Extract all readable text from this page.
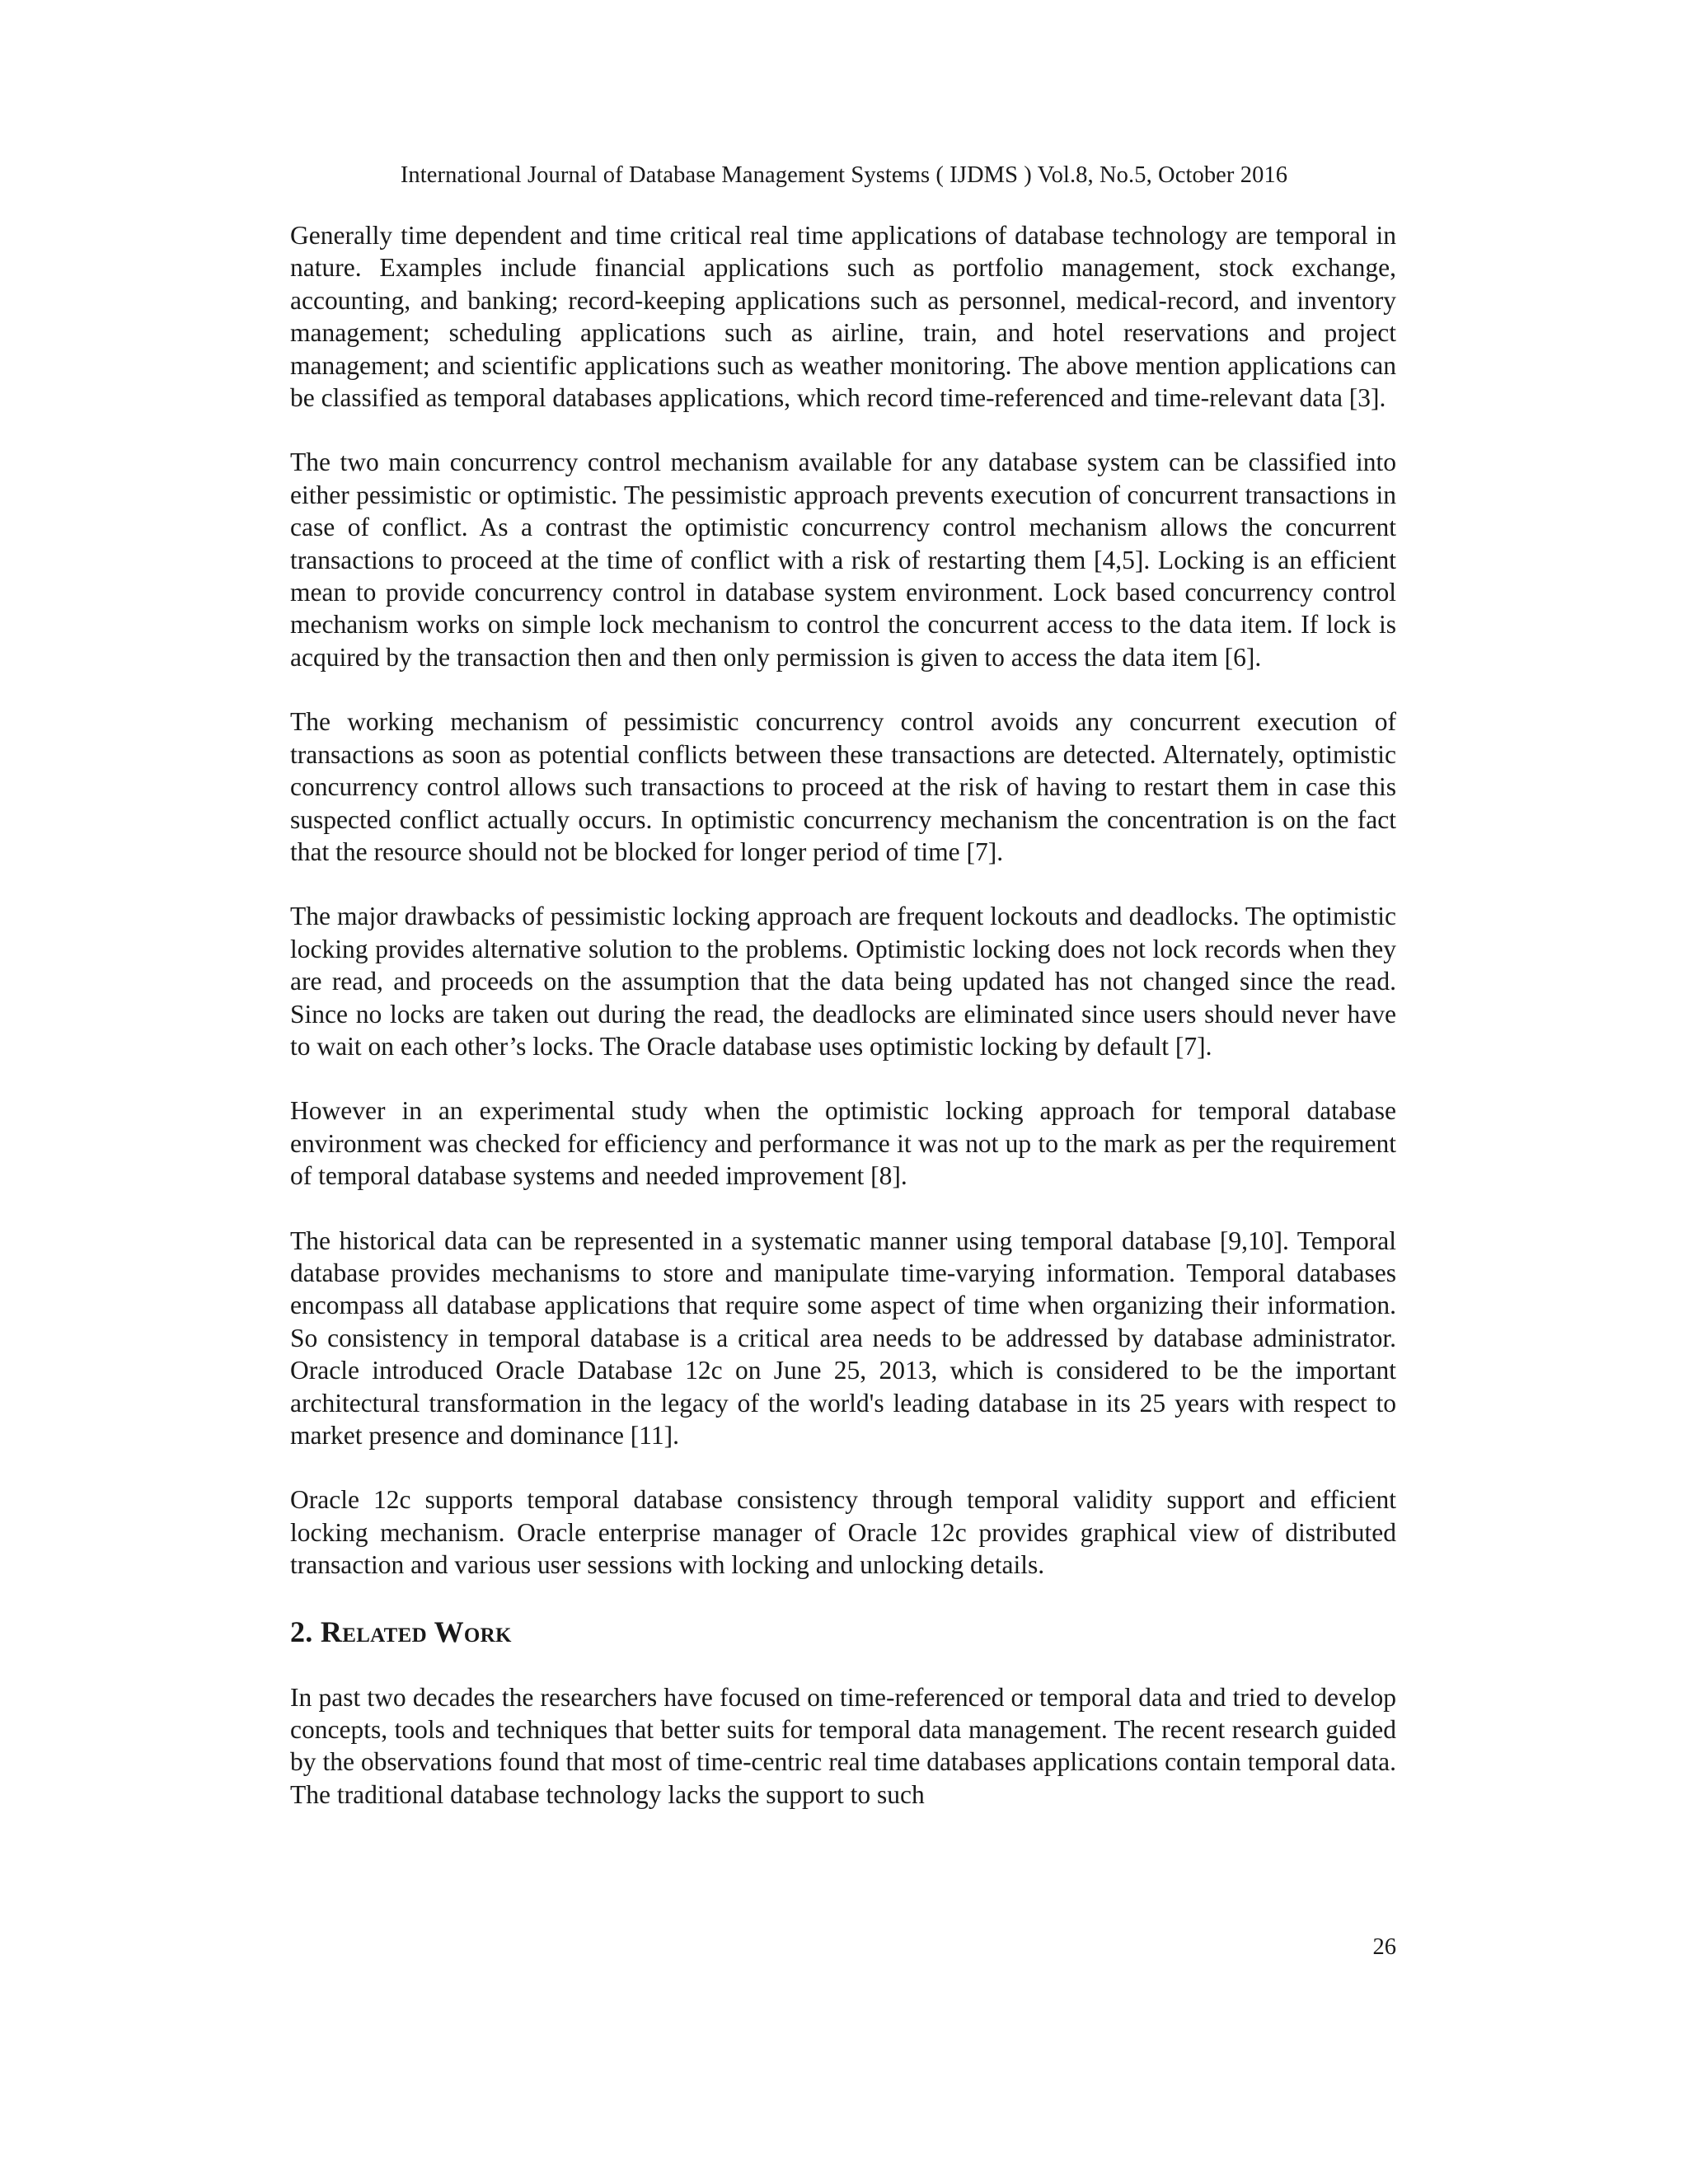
International Journal of Database Management Systems ( IJDMS ) Vol.8, No.5, October 2016

Generally time dependent and time critical real time applications of database technology are temporal in nature. Examples include financial applications such as portfolio management, stock exchange, accounting, and banking; record-keeping applications such as personnel, medical-record, and inventory management; scheduling applications such as airline, train, and hotel reservations and project management; and scientific applications such as weather monitoring. The above mention applications can be classified as temporal databases applications, which record time-referenced and time-relevant data [3].

The two main concurrency control mechanism available for any database system can be classified into either pessimistic or optimistic. The pessimistic approach prevents execution of concurrent transactions in case of conflict. As a contrast the optimistic concurrency control mechanism allows the concurrent transactions to proceed at the time of conflict with a risk of restarting them [4,5]. Locking is an efficient mean to provide concurrency control in database system environment. Lock based concurrency control mechanism works on simple lock mechanism to control the concurrent access to the data item. If lock is acquired by the transaction then and then only permission is given to access the data item [6].

The working mechanism of pessimistic concurrency control avoids any concurrent execution of transactions as soon as potential conflicts between these transactions are detected. Alternately, optimistic concurrency control allows such transactions to proceed at the risk of having to restart them in case this suspected conflict actually occurs. In optimistic concurrency mechanism the concentration is on the fact that the resource should not be blocked for longer period of time [7].

The major drawbacks of pessimistic locking approach are frequent lockouts and deadlocks. The optimistic locking provides alternative solution to the problems. Optimistic locking does not lock records when they are read, and proceeds on the assumption that the data being updated has not changed since the read. Since no locks are taken out during the read, the deadlocks are eliminated since users should never have to wait on each other’s locks. The Oracle database uses optimistic locking by default [7].

However in an experimental study when the optimistic locking approach for temporal database environment was checked for efficiency and performance it was not up to the mark as per the requirement of temporal database systems and needed improvement [8].

The historical data can be represented in a systematic manner using temporal database [9,10]. Temporal database provides mechanisms to store and manipulate time-varying information. Temporal databases encompass all database applications that require some aspect of time when organizing their information. So consistency in temporal database is a critical area needs to be addressed by database administrator. Oracle introduced Oracle Database 12c on June 25, 2013, which is considered to be the important architectural transformation in the legacy of the world's leading database in its 25 years with respect to market presence and dominance [11].

Oracle 12c supports temporal database consistency through temporal validity support and efficient locking mechanism. Oracle enterprise manager of Oracle 12c provides graphical view of distributed transaction and various user sessions with locking and unlocking details.

2. Related Work

In past two decades the researchers have focused on time-referenced or temporal data and tried to develop concepts, tools and techniques that better suits for temporal data management. The recent research guided by the observations found that most of time-centric real time databases applications contain temporal data. The traditional database technology lacks the support to such

26
